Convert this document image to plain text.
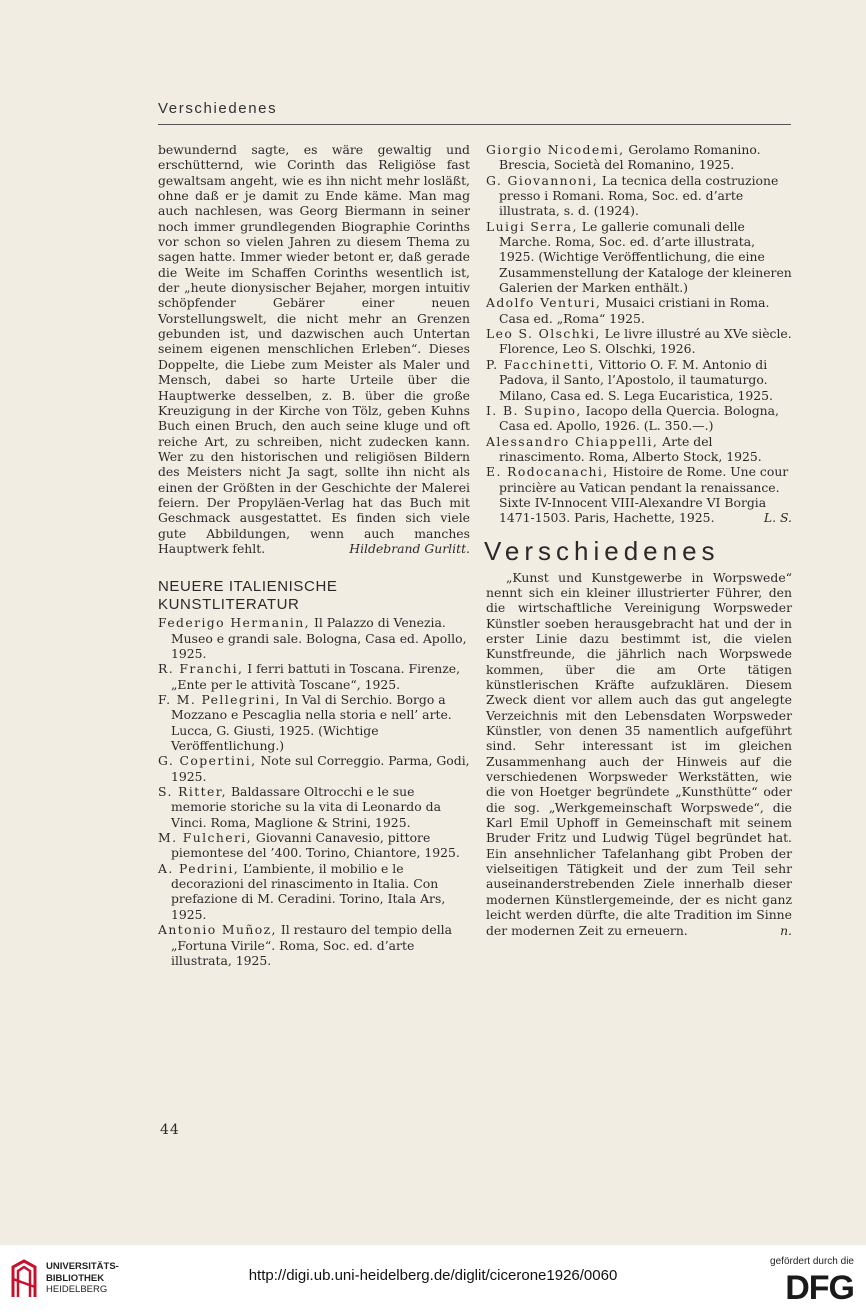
Verschiedenes

bewundernd sagte, es wäre gewaltig und erschütternd, wie Corinth das Religiöse fast gewaltsam angeht, wie es ihn nicht mehr losläßt, ohne daß er je damit zu Ende käme. Man mag auch nachlesen, was Georg Biermann in seiner noch immer grundlegenden Biographie Corinths vor schon so vielen Jahren zu diesem Thema zu sagen hatte. Immer wieder betont er, daß gerade die Weite im Schaffen Corinths wesentlich ist, der „heute dionysischer Bejaher, morgen intuitiv schöpfender Gebärer einer neuen Vorstellungswelt, die nicht mehr an Grenzen gebunden ist, und dazwischen auch Untertan seinem eigenen menschlichen Erleben“. Dieses Doppelte, die Liebe zum Meister als Maler und Mensch, dabei so harte Urteile über die Hauptwerke desselben, z. B. über die große Kreuzigung in der Kirche von Tölz, geben Kuhns Buch einen Bruch, den auch seine kluge und oft reiche Art, zu schreiben, nicht zudecken kann. Wer zu den historischen und religiösen Bildern des Meisters nicht Ja sagt, sollte ihn nicht als einen der Größten in der Geschichte der Malerei feiern. Der Propyläen-Verlag hat das Buch mit Geschmack ausgestattet. Es finden sich viele gute Abbildungen, wenn auch manches Hauptwerk fehlt.	Hildebrand Gurlitt.

NEUERE ITALIENISCHE KUNSTLITERATUR

Federigo Hermanin, Il Palazzo di Venezia. Museo e grandi sale. Bologna, Casa ed. Apollo, 1925.

R. Franchi, I ferri battuti in Toscana. Firenze, „Ente per le attività Toscane“, 1925.

F. M. Pellegrini, In Val di Serchio. Borgo a Mozzano e Pescaglia nella storia e nell’ arte. Lucca, G. Giusti, 1925. (Wichtige Veröffentlichung.)

G. Copertini, Note sul Correggio. Parma, Godi, 1925.

S. Ritter, Baldassare Oltrocchi e le sue memorie storiche su la vita di Leonardo da Vinci. Roma, Maglione & Strini, 1925.

M. Fulcheri, Giovanni Canavesio, pittore piemontese del ’400. Torino, Chiantore, 1925.

A. Pedrini, L’ambiente, il mobilio e le decorazioni del rinascimento in Italia. Con prefazione di M. Ceradini. Torino, Itala Ars, 1925.

Antonio Muñoz, Il restauro del tempio della „Fortuna Virile“. Roma, Soc. ed. d’arte illustrata, 1925.

Giorgio Nicodemi, Gerolamo Romanino. Brescia, Società del Romanino, 1925.

G. Giovannoni, La tecnica della costruzione presso i Romani. Roma, Soc. ed. d’arte illustrata, s. d. (1924).

Luigi Serra, Le gallerie comunali delle Marche. Roma, Soc. ed. d’arte illustrata, 1925. (Wichtige Veröffentlichung, die eine Zusammenstellung der Kataloge der kleineren Galerien der Marken enthält.)

Adolfo Venturi, Musaici cristiani in Roma. Casa ed. „Roma“ 1925.

Leo S. Olschki, Le livre illustré au XVe siècle. Florence, Leo S. Olschki, 1926.

P. Facchinetti, Vittorio O. F. M. Antonio di Padova, il Santo, l’Apostolo, il taumaturgo. Milano, Casa ed. S. Lega Eucaristica, 1925.

I. B. Supino, Iacopo della Quercia. Bologna, Casa ed. Apollo, 1926. (L. 350.—.)

Alessandro Chiappelli, Arte del rinascimento. Roma, Alberto Stock, 1925.

E. Rodocanachi, Histoire de Rome. Une cour princière au Vatican pendant la renaissance. Sixte IV-Innocent VIII-Alexandre VI Borgia 1471-1503. Paris, Hachette, 1925.	L. S.

Verschiedenes

„Kunst und Kunstgewerbe in Worpswede“ nennt sich ein kleiner illustrierter Führer, den die wirtschaftliche Vereinigung Worpsweder Künstler soeben herausgebracht hat und der in erster Linie dazu bestimmt ist, die vielen Kunstfreunde, die jährlich nach Worpswede kommen, über die am Orte tätigen künstlerischen Kräfte aufzuklären. Diesem Zweck dient vor allem auch das gut angelegte Verzeichnis mit den Lebensdaten Worpsweder Künstler, von denen 35 namentlich aufgeführt sind. Sehr interessant ist im gleichen Zusammenhang auch der Hinweis auf die verschiedenen Worpsweder Werkstätten, wie die von Hoetger begründete „Kunsthütte“ oder die sog. „Werkgemeinschaft Worpswede“, die Karl Emil Uphoff in Gemeinschaft mit seinem Bruder Fritz und Ludwig Tügel begründet hat. Ein ansehnlicher Tafelanhang gibt Proben der vielseitigen Tätigkeit und der zum Teil sehr auseinanderstrebenden Ziele innerhalb dieser modernen Künstlergemeinde, der es nicht ganz leicht werden dürfte, die alte Tradition im Sinne der modernen Zeit zu erneuern.	n.

44
UNIVERSITÄTS-
BIBLIOTHEK
HEIDELBERG
http://digi.ub.uni-heidelberg.de/diglit/cicerone1926/0060
gefördert durch die
DFG
